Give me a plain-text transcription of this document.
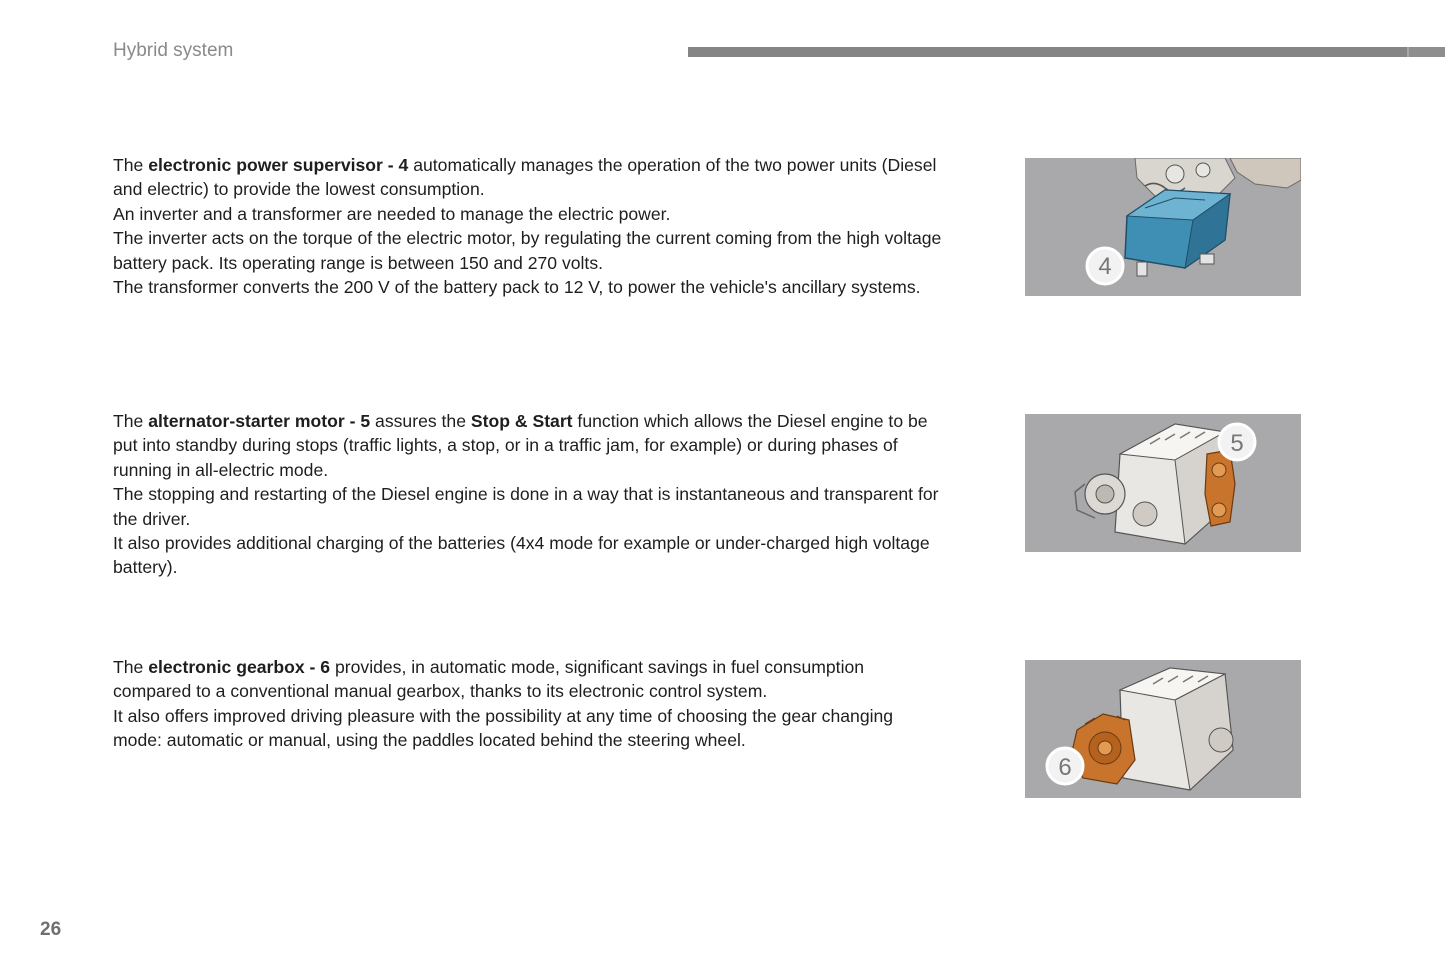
Hybrid system

The electronic power supervisor - 4 automatically manages the operation of the two power units (Diesel and electric) to provide the lowest consumption.

An inverter and a transformer are needed to manage the electric power.

The inverter acts on the torque of the electric motor, by regulating the current coming from the high voltage battery pack. Its operating range is between 150 and 270 volts.

The transformer converts the 200 V of the battery pack to 12 V, to power the vehicle's ancillary systems.

4

The alternator-starter motor - 5 assures the Stop & Start function which allows the Diesel engine to be put into standby during stops (traffic lights, a stop, or in a traffic jam, for example) or during phases of running in all-electric mode.

The stopping and restarting of the Diesel engine is done in a way that is instantaneous and transparent for the driver.

It also provides additional charging of the batteries (4x4 mode for example or under-charged high voltage battery).

5

The electronic gearbox - 6 provides, in automatic mode, significant savings in fuel consumption compared to a conventional manual gearbox, thanks to its electronic control system.

It also offers improved driving pleasure with the possibility at any time of choosing the gear changing mode: automatic or manual, using the paddles located behind the steering wheel.

6
26
